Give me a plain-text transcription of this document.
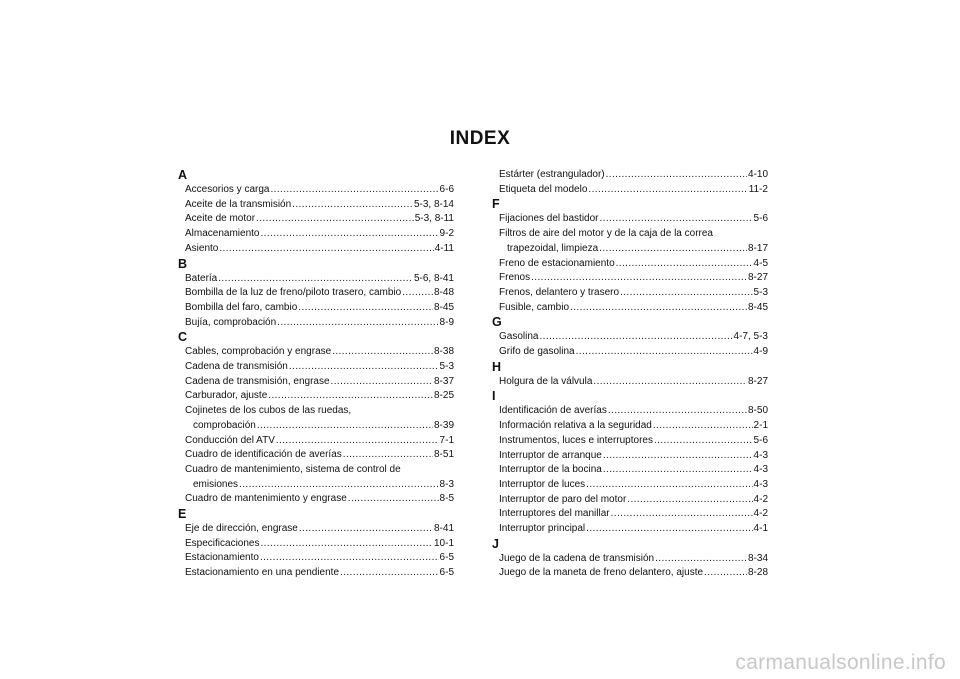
INDEX
A
Accesorios y carga .....	6-6
Aceite de la transmisión .....	5-3, 8-14
Aceite de motor .....	5-3, 8-11
Almacenamiento .....	9-2
Asiento .....	4-11
B
Batería .....	5-6, 8-41
Bombilla de la luz de freno/piloto trasero, cambio .....	8-48
Bombilla del faro, cambio .....	8-45
Bujía, comprobación .....	8-9
C
Cables, comprobación y engrase .....	8-38
Cadena de transmisión .....	5-3
Cadena de transmisión, engrase .....	8-37
Carburador, ajuste .....	8-25
Cojinetes de los cubos de las ruedas,
comprobación .....	8-39
Conducción del ATV .....	7-1
Cuadro de identificación de averías .....	8-51
Cuadro de mantenimiento, sistema de control de
emisiones .....	8-3
Cuadro de mantenimiento y engrase .....	8-5
E
Eje de dirección, engrase .....	8-41
Especificaciones .....	10-1
Estacionamiento .....	6-5
Estacionamiento en una pendiente .....	6-5
Estárter (estrangulador) .....	4-10
Etiqueta del modelo .....	11-2
F
Fijaciones del bastidor .....	5-6
Filtros de aire del motor y de la caja de la correa
trapezoidal, limpieza .....	8-17
Freno de estacionamiento .....	4-5
Frenos .....	8-27
Frenos, delantero y trasero .....	5-3
Fusible, cambio .....	8-45
G
Gasolina .....	4-7, 5-3
Grifo de gasolina .....	4-9
H
Holgura de la válvula .....	8-27
I
Identificación de averías .....	8-50
Información relativa a la seguridad .....	2-1
Instrumentos, luces e interruptores .....	5-6
Interruptor de arranque .....	4-3
Interruptor de la bocina .....	4-3
Interruptor de luces .....	4-3
Interruptor de paro del motor .....	4-2
Interruptores del manillar .....	4-2
Interruptor principal .....	4-1
J
Juego de la cadena de transmisión .....	8-34
Juego de la maneta de freno delantero, ajuste .....	8-28
carmanualsonline.info
